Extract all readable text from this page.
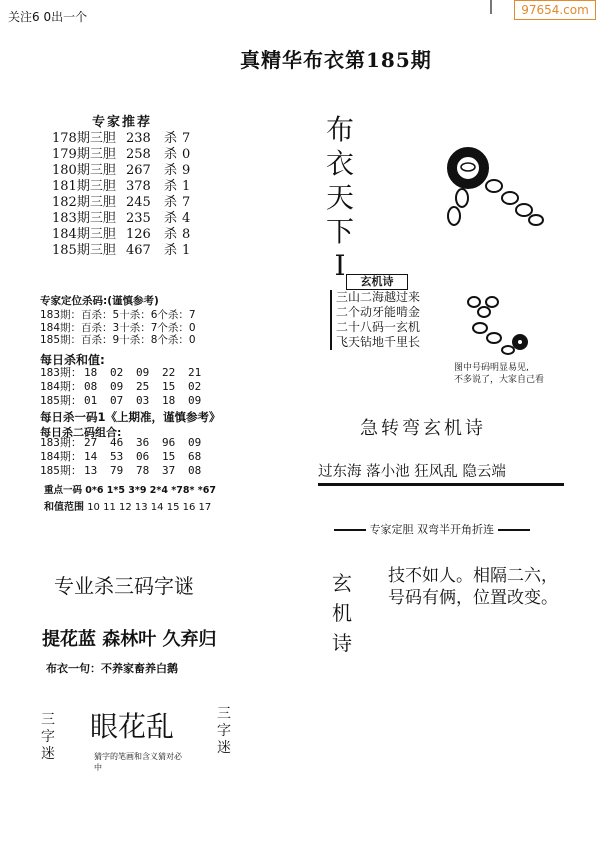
关注6 0出一个	97654.com
真精华布衣第185期
专家推荐
178期三胆 238 杀 7
179期三胆 258 杀 0
180期三胆 267 杀 9
181期三胆 378 杀 1
182期三胆 245 杀 7
183期三胆 235 杀 4
184期三胆 126 杀 8
185期三胆 467 杀 1
专家定位杀码:(谨慎参考)
183期：百杀：5十杀：6个杀：7
184期：百杀：3十杀：7个杀：0
185期：百杀：9十杀：8个杀：0
每日杀和值:
183期： 18 02 09 22 21
184期： 08 09 25 15 02
185期： 01 07 03 18 09
每日杀一码1《上期准，谨慎参考》
每日杀二码组合:
183期： 27 46 36 96 09
184期： 14 53 06 15 68
185期： 13 79 78 37 08
重点一码 0*6 1*5 3*9 2*4 *78* *67
和值范围 10 11 12 13 14 15 16 17
专业杀三码字谜
提花蓝 森林叶 久弃归
布衣一句：不养家畜养白鹅
三
字
迷
眼花乱	三
字
迷
猜字的笔画和含义猜对必中
布
衣
天
下
I	玄机诗
三山二海越过来
二个动牙能啃金
二十八码一玄机
飞天钻地千里长
图中号码明显易见,
不多说了，大家自己看
急转弯玄机诗
过东海 落小池 狂风乱 隐云端
专家定胆 双弯半开角折连
玄
机
诗
技不如人。相隔二六，
号码有俩，位置改变。
